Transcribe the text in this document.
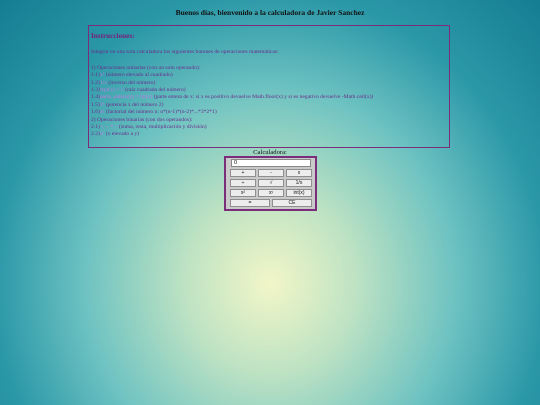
Buenos días, bienvenido a la calculadora de Javier Sanchez
Instrucciones:
Integrar en una sola calculadora los siguientes botones de operaciones matemáticas:
1) Operaciones unitarias (con un solo operando):
1.1)x² (número elevado al cuadrado)
1.2)1/x (inverso del número)
1.3)sqrt(x) = √ (raíz cuadrada del número)
1.4)parte_entera(x) = int(x) (parte entera de x: si x es positivo devuelve Math.floor(x) y si es negativo devuelve -Math.ceil(x))
1.5)2ˣ (potencia x del número 2)
1.6)n! (factorial del número n: n*(n-1)*(n-2)*...*3*2*1)
2) Operaciones binarias (con dos operandos):
2.1)+, -, *, / (suma, resta, multiplicación y división)
2.2)xʸ (x elevado a y)
Calculadora:
0
+	-	x
÷	√	1/x
x²	xʸ	int(x)
=	CE
